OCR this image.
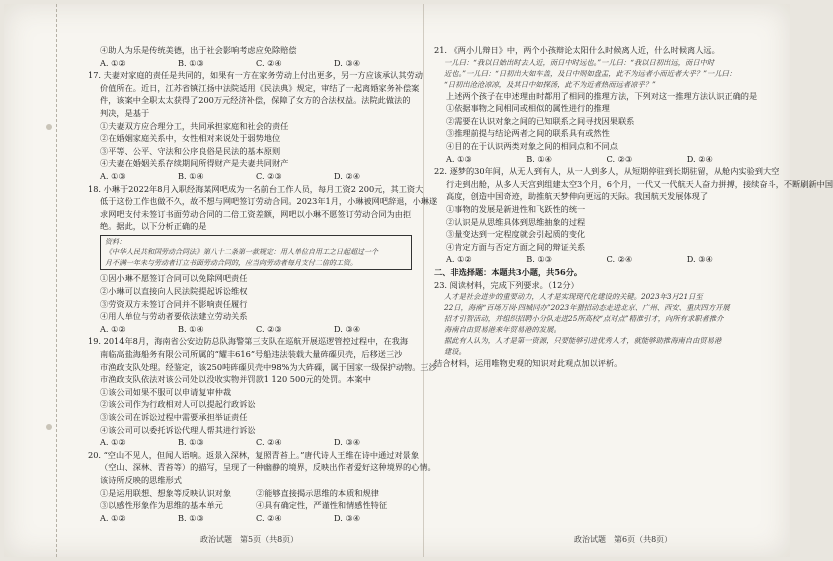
④助人为乐是传统美德，出于社会影响考虑应免除赔偿
A. ①②	B. ①③	C. ②④	D. ③④
17. 夫妻对家庭的责任是共同的，如果有一方在家务劳动上付出更多，另一方应该承认其劳动
价值所在。近日，江苏省镇江扬中法院适用《民法典》规定，审结了一起离婚家务补偿案
件，该案中全职太太获得了200万元经济补偿，保障了女方的合法权益。法院此做法的
判决，是基于
①夫妻双方应合理分工，共同承担家庭和社会的责任
②在婚姻家庭关系中，女性相对来说处于弱势地位
③平等、公平、守法和公序良俗是民法的基本原则
④夫妻在婚姻关系存续期间所得财产是夫妻共同财产
A. ①③	B. ①④	C. ②③	D. ②④
18. 小琳于2022年8月入职经海某网吧成为一名前台工作人员，每月工资2 200元，其工资大
低于这份工作也做不久，故不想与网吧签订劳动合同。2023年1月，小琳被网吧辞退，小琳遂
求网吧支付未签订书面劳动合同的二倍工资差额，网吧以小琳不愿签订劳动合同为由拒
绝。据此，以下分析正确的是
资料：
《中华人民共和国劳动合同法》第八十二条第一款规定：用人单位自用工之日起超过一个
月不满一年未与劳动者订立书面劳动合同的，应当向劳动者每月支付二倍的工资。
①因小琳不愿签订合同可以免除网吧责任
②小琳可以直接向人民法院提起诉讼维权
③劳资双方未签订合同并不影响责任履行
④用人单位与劳动者要依法建立劳动关系
A. ①②	B. ①④	C. ②③	D. ③④
19. 2014年8月，海南省公安边防总队海警第三支队在巡航开展巡逻管控过程中，在我海
南临高盐海船务有限公司所属的“耀丰616”号船违法装载大量砗磲贝壳，后移送三沙
市渔政支队处理。经鉴定，该250吨砗磲贝壳中98%为大砗磲，属于国家一级保护动物。三沙
市渔政支队依法对该公司处以没收实物并罚款1 120 500元的处罚。本案中
①该公司如果不服可以申请复审仲裁
②该公司作为行政相对人可以提起行政诉讼
③该公司在诉讼过程中需要承担举证责任
④该公司可以委托诉讼代理人帮其进行诉讼
A. ①②	B. ①③	C. ②④	D. ③④
20. “空山不见人，但闻人语响。返景入深林，复照青苔上。”唐代诗人王维在诗中通过对景象
（空山、深林、青苔等）的描写，呈现了一种幽静的境界，反映出作者爱好这种境界的心情。
该诗所反映的思维形式
①是运用联想、想象等反映认识对象	②能够直接揭示思维的本质和规律
③以感性形象作为思维的基本单元	④具有确定性，严谨性和情感性特征
A. ①②	B. ①③	C. ②④	D. ③④
政治试题　第5页（共8页）
21. 《两小儿辩日》中，两个小孩辩论太阳什么时候离人近，什么时候离人远。
一儿曰：“我以日始出时去人近，而日中时远也。”一儿曰：“我以日初出远，而日中时
近也。”一儿曰：“日初出大如车盖，及日中则如盘盂，此不为远者小而近者大乎？”一儿曰：
“日初出沧沧凉凉，及其日中如探汤，此不为近者热而远者凉乎？”
上述两个孩子在申述理由时都用了相同的推理方法，下列对这一推理方法认识正确的是
①依据事物之间相同或相似的属性进行的推理
②需要在认识对象之间的已知联系之间寻找因果联系
③推理前提与结论两者之间的联系具有或然性
④目的在于认识两类对象之间的相同点和不同点
A. ①③	B. ①④	C. ②③	D. ②④
22. 逐梦的30年间，从无人到有人，从一人到多人，从短期停驻到长期驻留，从舱内实验到大空
行走到出舱，从多人天宫到组建太空3个月，6个月，一代又一代航天人奋力拼搏，接续奋斗，不断刷新中国
高度，创造中国奇迹，助推航天梦伸向更远的天际。我国航天发展体现了
①事物的发展是新进性和飞跃性的统一
②认识是从思维具体到思维抽象的过程
③量变达到一定程度就会引起质的变化
④肯定方面与否定方面之间的辩证关系
A. ①②	B. ①③	C. ②④	D. ③④
二、非选择题：本题共3小题，共56分。
23. 阅读材料，完成下列要求。（12分）
人才是社会进步的重要动力，人才是实现现代化建设的关键。2023年3月21日至
22日，海南“百场万岗·四城同办”2023年猎招动态走进北京、广州、西安、重庆四方开展
招才引智活动，并组织招聘小分队走进25所高校“点对点”精准引才，向所有求职者推介
海南自由贸易港来年贸易港的发展。
据此有人认为，人才是第一资源，只要能够引进优秀人才，就能够助推海南自由贸易港
建设。
结合材料，运用唯物史观的知识对此观点加以评析。
政治试题　第6页（共8页）
